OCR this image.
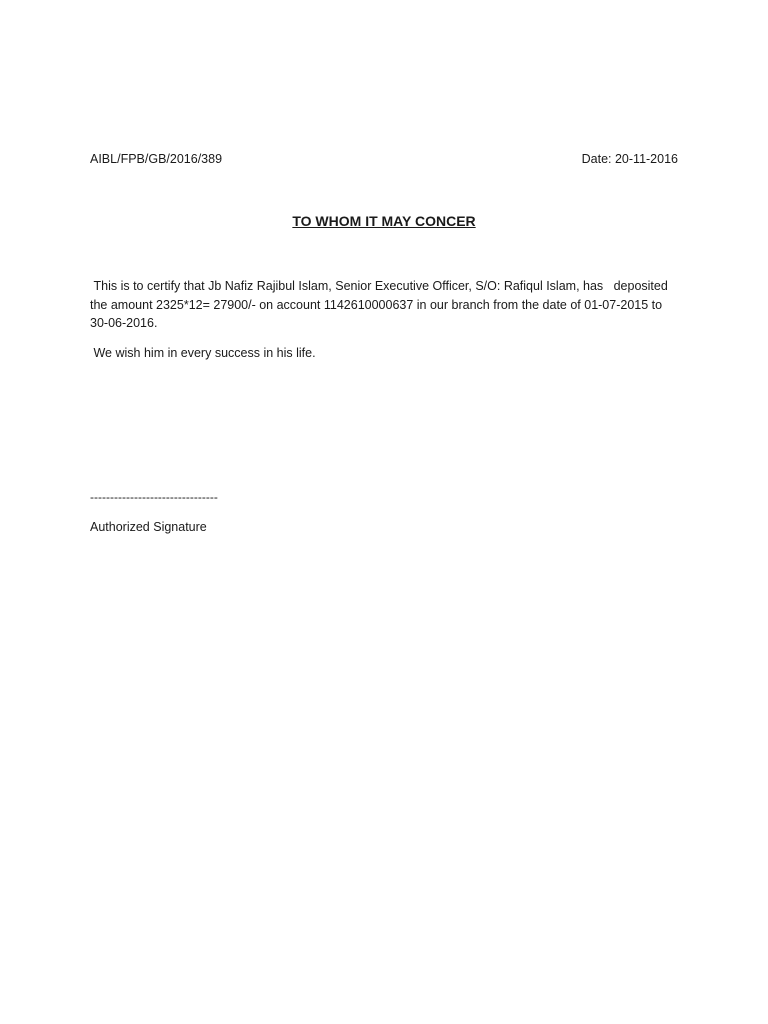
AIBL/FPB/GB/2016/389	Date: 20-11-2016
TO WHOM IT MAY CONCER

This is to certify that Jb Nafiz Rajibul Islam, Senior Executive Officer, S/O: Rafiqul Islam, has   deposited the amount 2325*12= 27900/- on account 1142610000637 in our branch from the date of 01-07-2015 to 30-06-2016.

We wish him in every success in his life.

--------------------------------
Authorized Signature
